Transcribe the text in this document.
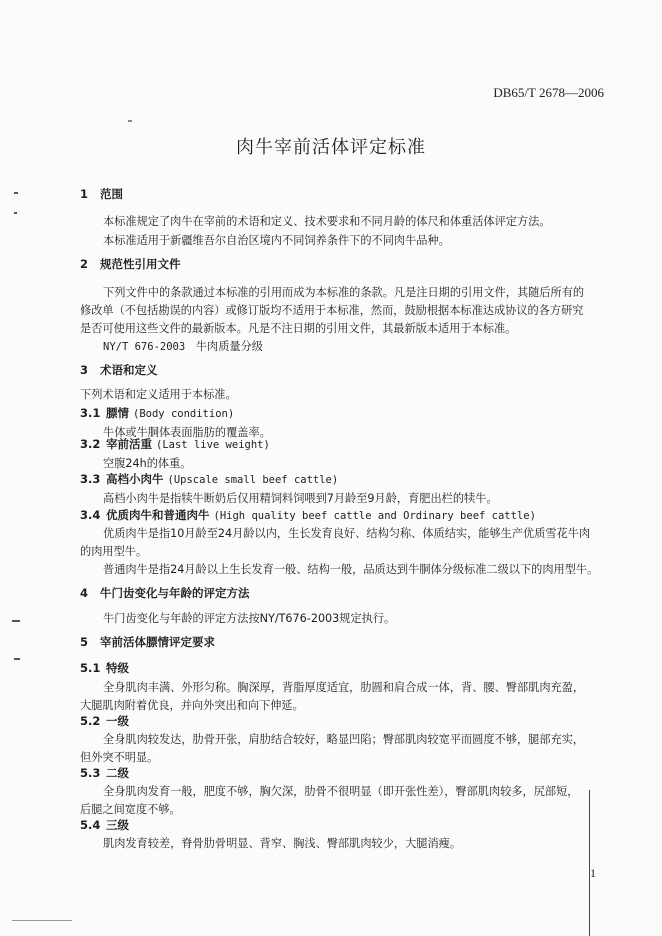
DB65/T 2678—2006
肉牛宰前活体评定标准
1 范围
本标准规定了肉牛在宰前的术语和定义、技术要求和不同月龄的体尺和体重活体评定方法。
本标准适用于新疆维吾尔自治区境内不同饲养条件下的不同肉牛品种。
2 规范性引用文件
下列文件中的条款通过本标准的引用而成为本标准的条款。凡是注日期的引用文件，其随后所有的
修改单（不包括勘误的内容）或修订版均不适用于本标准，然而，鼓励根据本标准达成协议的各方研究
是否可使用这些文件的最新版本。凡是不注日期的引用文件，其最新版本适用于本标准。
NY/T 676-2003 牛肉质量分级
3 术语和定义
下列术语和定义适用于本标准。
3.1 膘情 (Body condition)
牛体或牛胴体表面脂肪的覆盖率。
3.2 宰前活重 (Last live weight)
空腹24h的体重。
3.3 高档小肉牛 (Upscale small beef cattle)
高档小肉牛是指犊牛断奶后仅用精饲料饲喂到7月龄至9月龄，育肥出栏的犊牛。
3.4 优质肉牛和普通肉牛 (High quality beef cattle and Ordinary beef cattle)
优质肉牛是指10月龄至24月龄以内，生长发育良好、结构匀称、体质结实，能够生产优质雪花牛肉
的肉用型牛。
普通肉牛是指24月龄以上生长发育一般、结构一般，品质达到牛胴体分级标准二级以下的肉用型牛。
4 牛门齿变化与年龄的评定方法
牛门齿变化与年龄的评定方法按NY/T676-2003规定执行。
5 宰前活体膘情评定要求
5.1 特级
全身肌肉丰满、外形匀称。胸深厚，背脂厚度适宜，肋圆和肩合成一体，背、腰、臀部肌肉充盈，
大腿肌肉附着优良，并向外突出和向下伸延。
5.2 一级
全身肌肉较发达，肋骨开张，肩肋结合较好，略显凹陷；臀部肌肉较宽平而圆度不够，腿部充实，
但外突不明显。
5.3 二级
全身肌肉发育一般，肥度不够，胸欠深，肋骨不很明显（即开张性差），臀部肌肉较多，尻部短，
后腿之间宽度不够。
5.4 三级
肌肉发育较差，脊骨肋骨明显、背窄、胸浅、臀部肌肉较少，大腿消瘦。
1
